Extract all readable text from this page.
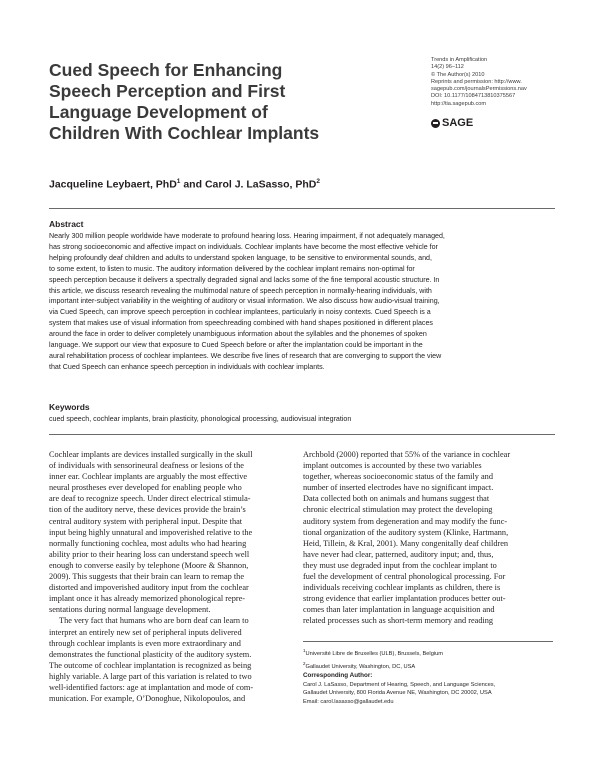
Cued Speech for Enhancing
Speech Perception and First
Language Development of
Children With Cochlear Implants
Trends in Amplification
14(2) 96–112
© The Author(s) 2010
Reprints and permission: http://www.
sagepub.com/journalsPermissions.nav
DOI: 10.1177/1084713810375567
http://tia.sagepub.com
SAGE
Jacqueline Leybaert, PhD$^1$ and Carol J. LaSasso, PhD$^2$
Abstract
Nearly 300 million people worldwide have moderate to profound hearing loss. Hearing impairment, if not adequately managed,
has strong socioeconomic and affective impact on individuals. Cochlear implants have become the most effective vehicle for
helping profoundly deaf children and adults to understand spoken language, to be sensitive to environmental sounds, and,
to some extent, to listen to music. The auditory information delivered by the cochlear implant remains non-optimal for
speech perception because it delivers a spectrally degraded signal and lacks some of the fine temporal acoustic structure. In
this article, we discuss research revealing the multimodal nature of speech perception in normally-hearing individuals, with
important inter-subject variability in the weighting of auditory or visual information. We also discuss how audio-visual training,
via Cued Speech, can improve speech perception in cochlear implantees, particularly in noisy contexts. Cued Speech is a
system that makes use of visual information from speechreading combined with hand shapes positioned in different places
around the face in order to deliver completely unambiguous information about the syllables and the phonemes of spoken
language. We support our view that exposure to Cued Speech before or after the implantation could be important in the
aural rehabilitation process of cochlear implantees. We describe five lines of research that are converging to support the view
that Cued Speech can enhance speech perception in individuals with cochlear implants.
Keywords
cued speech, cochlear implants, brain plasticity, phonological processing, audiovisual integration
Cochlear implants are devices installed surgically in the skull
of individuals with sensorineural deafness or lesions of the
inner ear. Cochlear implants are arguably the most effective
neural prostheses ever developed for enabling people who
are deaf to recognize speech. Under direct electrical stimula-
tion of the auditory nerve, these devices provide the brain’s
central auditory system with peripheral input. Despite that
input being highly unnatural and impoverished relative to the
normally functioning cochlea, most adults who had hearing
ability prior to their hearing loss can understand speech well
enough to converse easily by telephone (Moore & Shannon,
2009). This suggests that their brain can learn to remap the
distorted and impoverished auditory input from the cochlear
implant once it has already memorized phonological repre-
sentations during normal language development.
The very fact that humans who are born deaf can learn to
interpret an entirely new set of peripheral inputs delivered
through cochlear implants is even more extraordinary and
demonstrates the functional plasticity of the auditory system.
The outcome of cochlear implantation is recognized as being
highly variable. A large part of this variation is related to two
well-identified factors: age at implantation and mode of com-
munication. For example, O’Donoghue, Nikolopoulos, and
Archbold (2000) reported that 55% of the variance in cochlear
implant outcomes is accounted by these two variables
together, whereas socioeconomic status of the family and
number of inserted electrodes have no significant impact.
Data collected both on animals and humans suggest that
chronic electrical stimulation may protect the developing
auditory system from degeneration and may modify the func-
tional organization of the auditory system (Klinke, Hartmann,
Heid, Tillein, & Kral, 2001). Many congenitally deaf children
have never had clear, patterned, auditory input; and, thus,
they must use degraded input from the cochlear implant to
fuel the development of central phonological processing. For
individuals receiving cochlear implants as children, there is
strong evidence that earlier implantation produces better out-
comes than later implantation in language acquisition and
related processes such as short-term memory and reading
$^1$Université Libre de Bruxelles (ULB), Brussels, Belgium
$^2$Gallaudet University, Washington, DC, USA
Corresponding Author:
Carol J. LaSasso, Department of Hearing, Speech, and Language Sciences,
Gallaudet University, 800 Florida Avenue NE, Washington, DC 20002, USA
Email: carol.lasasso@gallaudet.edu
